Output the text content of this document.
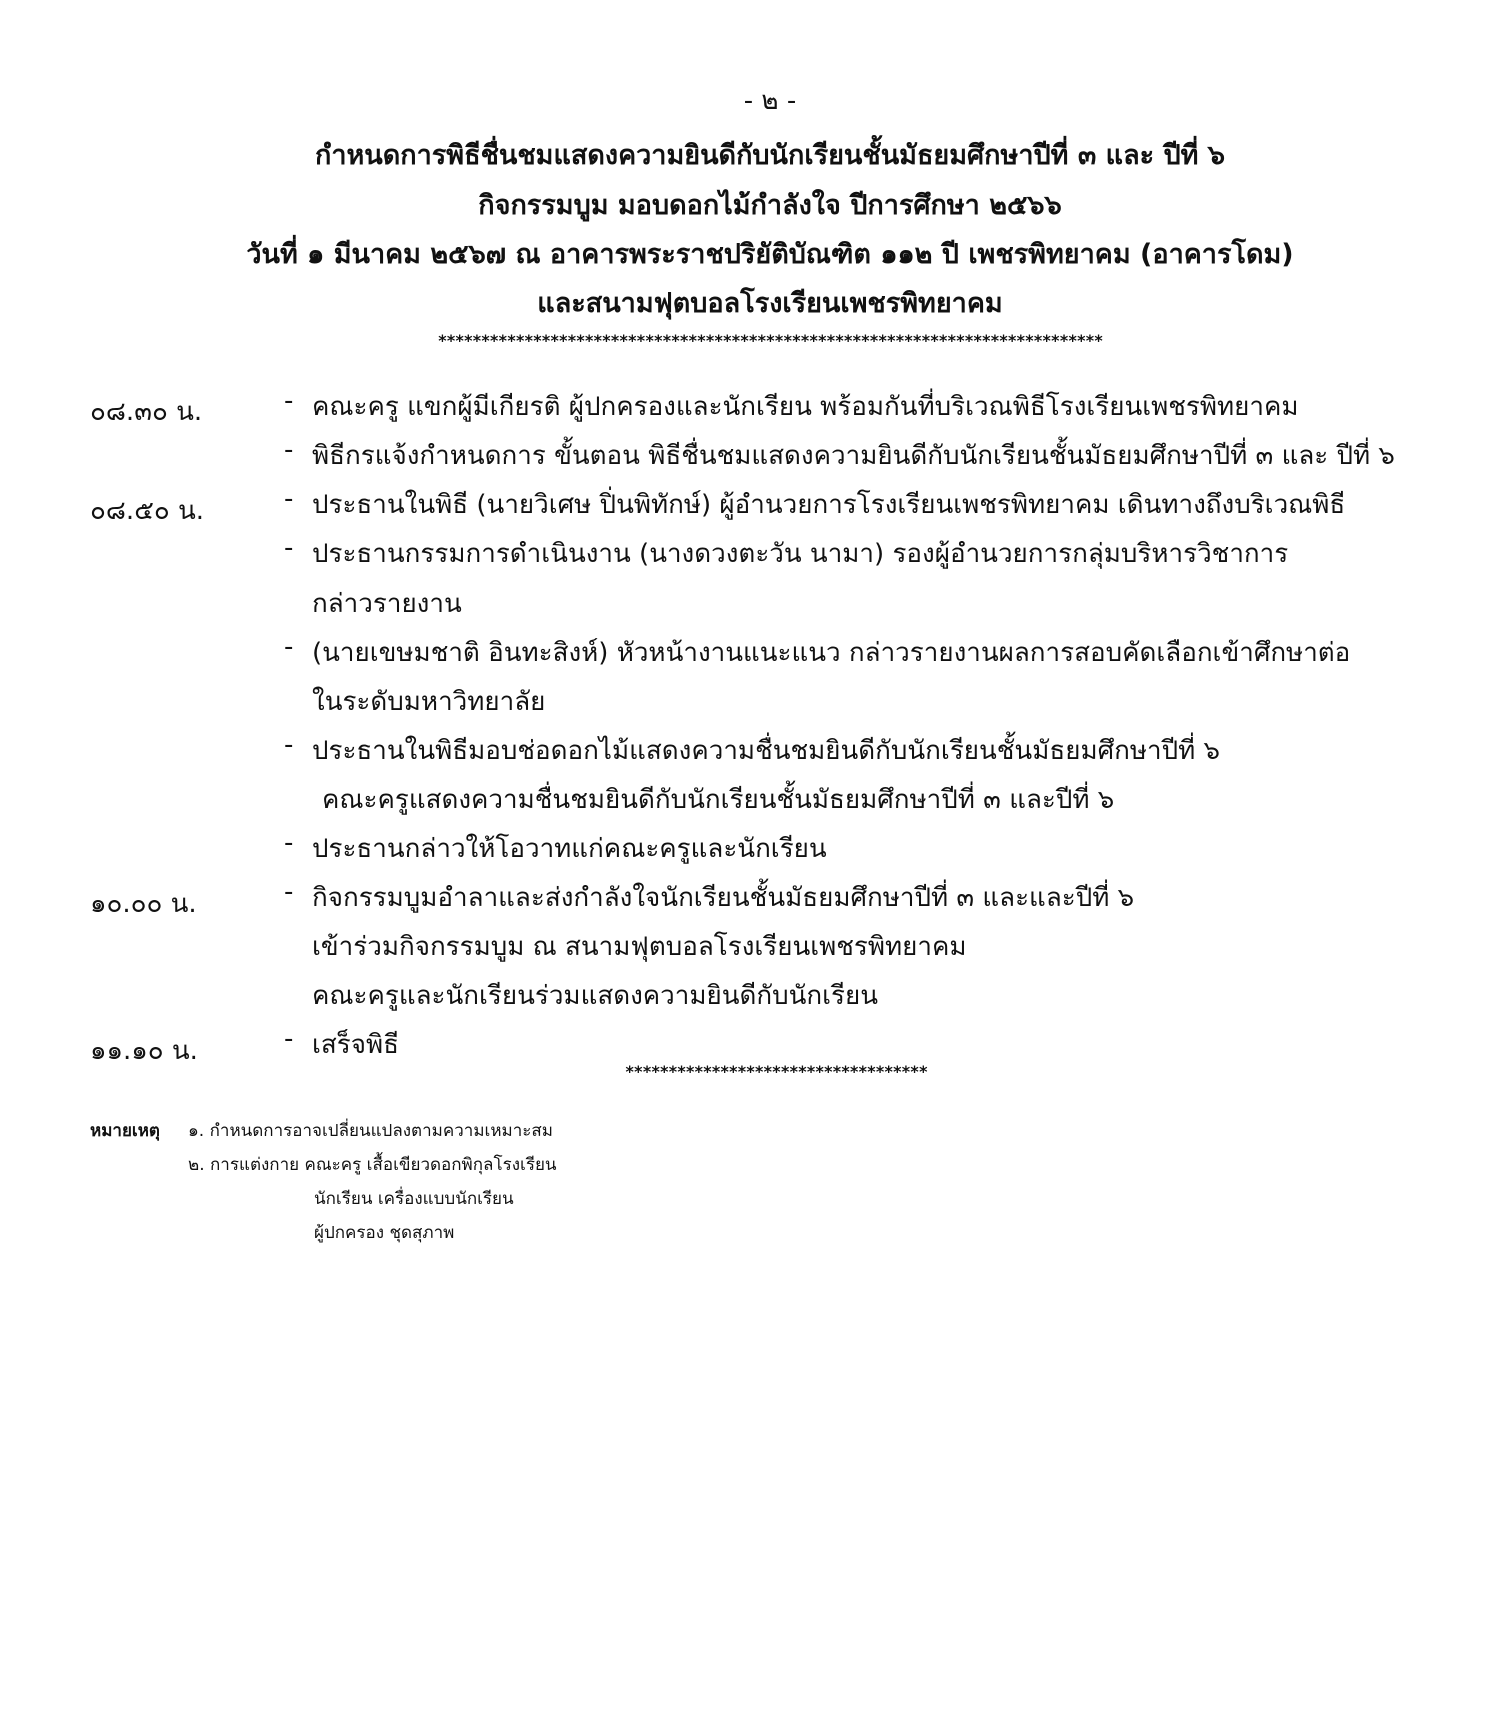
- ๒ -
กำหนดการพิธีชื่นชมแสดงความยินดีกับนักเรียนชั้นมัธยมศึกษาปีที่ ๓ และ ปีที่ ๖
กิจกรรมบูม มอบดอกไม้กำลังใจ ปีการศึกษา ๒๕๖๖
วันที่ ๑ มีนาคม ๒๕๖๗ ณ อาคารพระราชปริยัติบัณฑิต ๑๑๒ ปี เพชรพิทยาคม (อาคารโดม)
และสนามฟุตบอลโรงเรียนเพชรพิทยาคม
*****************************************************************************
๐๘.๓๐ น.	- คณะครู แขกผู้มีเกียรติ ผู้ปกครองและนักเรียน พร้อมกันที่บริเวณพิธีโรงเรียนเพชรพิทยาคม
- พิธีกรแจ้งกำหนดการ ขั้นตอน พิธีชื่นชมแสดงความยินดีกับนักเรียนชั้นมัธยมศึกษาปีที่ ๓ และ ปีที่ ๖
๐๘.๕๐ น.	- ประธานในพิธี (นายวิเศษ ปิ่นพิทักษ์) ผู้อำนวยการโรงเรียนเพชรพิทยาคม เดินทางถึงบริเวณพิธี
- ประธานกรรมการดำเนินงาน (นางดวงตะวัน นามา) รองผู้อำนวยการกลุ่มบริหารวิชาการ
กล่าวรายงาน
- (นายเขษมชาติ อินทะสิงห์) หัวหน้างานแนะแนว กล่าวรายงานผลการสอบคัดเลือกเข้าศึกษาต่อ
ในระดับมหาวิทยาลัย
- ประธานในพิธีมอบช่อดอกไม้แสดงความชื่นชมยินดีกับนักเรียนชั้นมัธยมศึกษาปีที่ ๖
คณะครูแสดงความชื่นชมยินดีกับนักเรียนชั้นมัธยมศึกษาปีที่ ๓ และปีที่ ๖
- ประธานกล่าวให้โอวาทแก่คณะครูและนักเรียน
๑๐.๐๐ น.	- กิจกรรมบูมอำลาและส่งกำลังใจนักเรียนชั้นมัธยมศึกษาปีที่ ๓ และและปีที่ ๖
เข้าร่วมกิจกรรมบูม ณ สนามฟุตบอลโรงเรียนเพชรพิทยาคม
คณะครูและนักเรียนร่วมแสดงความยินดีกับนักเรียน
๑๑.๑๐ น.	- เสร็จพิธี
***********************************
หมายเหตุ ๑. กำหนดการอาจเปลี่ยนแปลงตามความเหมาะสม
๒. การแต่งกาย คณะครู เสื้อเขียวดอกพิกุลโรงเรียน
นักเรียน เครื่องแบบนักเรียน
ผู้ปกครอง ชุดสุภาพ
